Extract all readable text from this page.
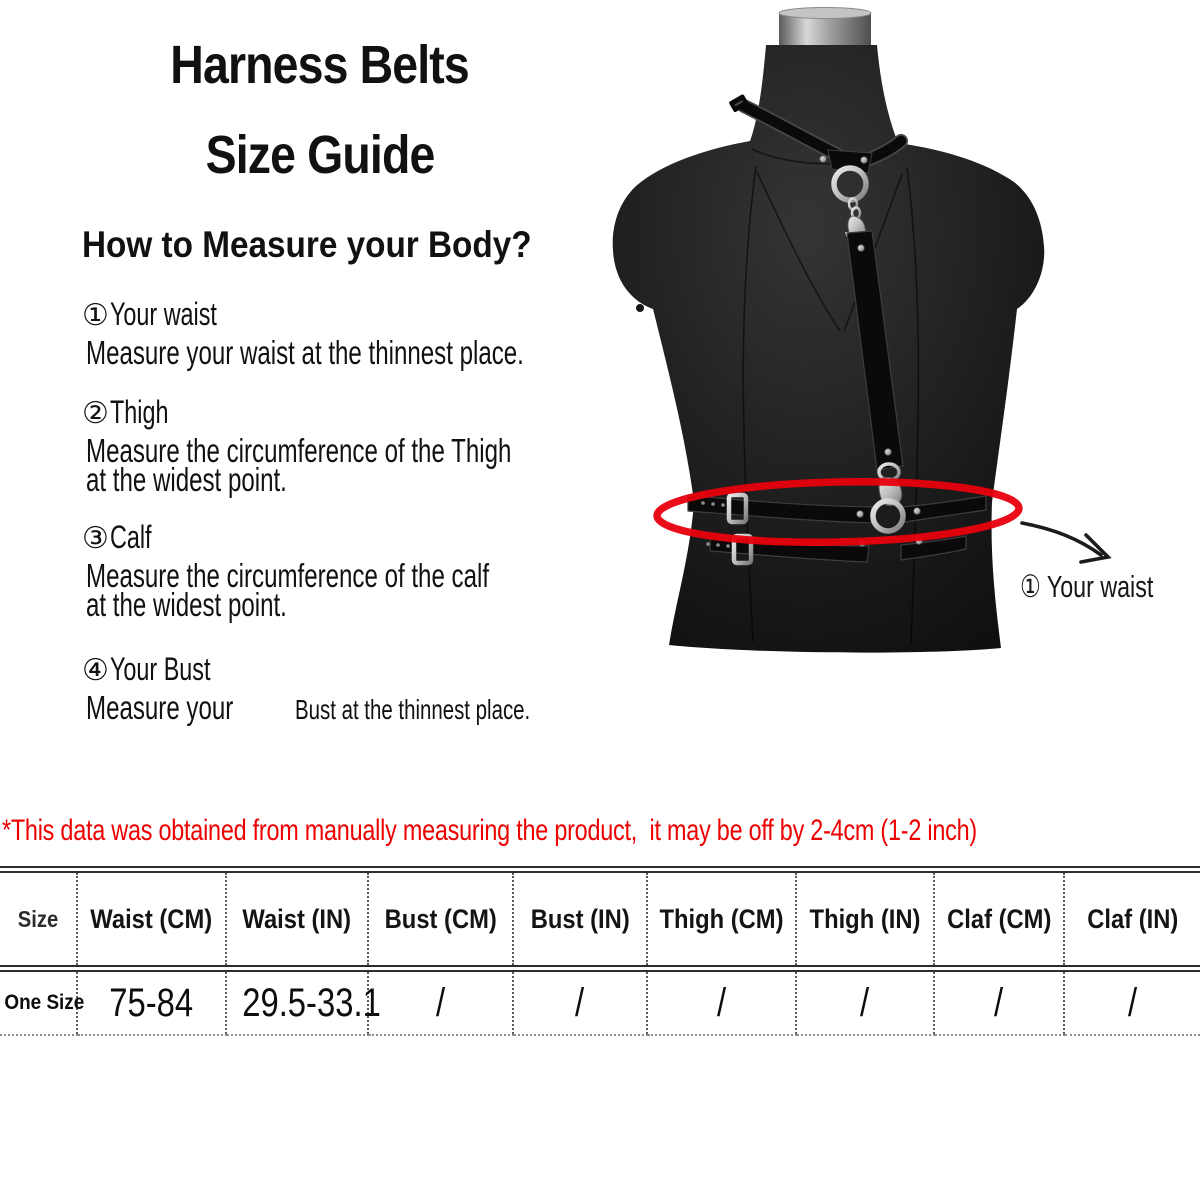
Harness Belts
Size Guide
How to Measure your Body?
①Your waist
Measure your waist at the thinnest place.
②Thigh
Measure the circumference of the Thigh
at the widest point.
③Calf
Measure the circumference of the calf
at the widest point.
④Your Bust
Measure your Bust at the thinnest place.
① Your waist
*This data was obtained from manually measuring the product,  it may be off by 2-4cm (1-2 inch)
Size	Waist (CM)	Waist (IN)	Bust (CM)	Bust (IN)	Thigh (CM)	Thigh (IN)	Claf (CM)	Claf (IN)
One Size	75-84	29.5-33.1	/	/	/	/	/	/
